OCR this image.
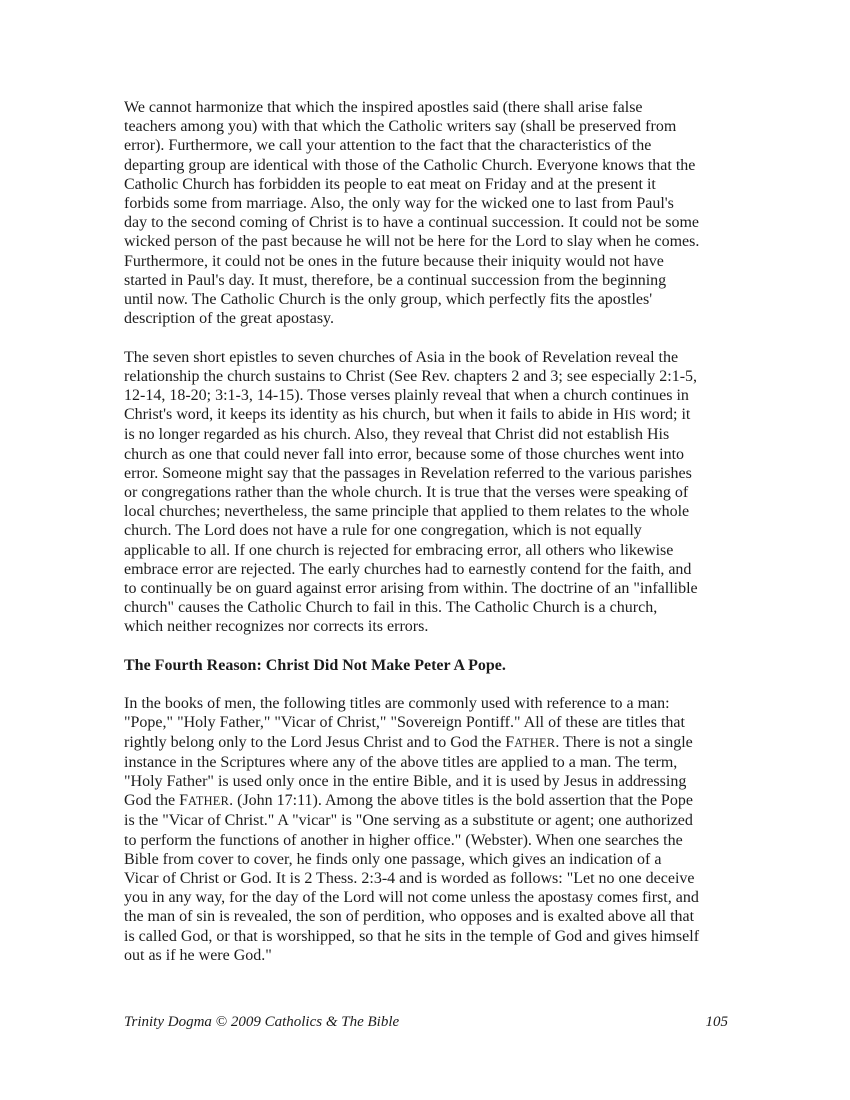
We cannot harmonize that which the inspired apostles said (there shall arise false
teachers among you) with that which the Catholic writers say (shall be preserved from
error). Furthermore, we call your attention to the fact that the characteristics of the
departing group are identical with those of the Catholic Church. Everyone knows that the
Catholic Church has forbidden its people to eat meat on Friday and at the present it
forbids some from marriage. Also, the only way for the wicked one to last from Paul's
day to the second coming of Christ is to have a continual succession. It could not be some
wicked person of the past because he will not be here for the Lord to slay when he comes.
Furthermore, it could not be ones in the future because their iniquity would not have
started in Paul's day. It must, therefore, be a continual succession from the beginning
until now. The Catholic Church is the only group, which perfectly fits the apostles'
description of the great apostasy.

The seven short epistles to seven churches of Asia in the book of Revelation reveal the
relationship the church sustains to Christ (See Rev. chapters 2 and 3; see especially 2:1-5,
12-14, 18-20; 3:1-3, 14-15). Those verses plainly reveal that when a church continues in
Christ's word, it keeps its identity as his church, but when it fails to abide in HIS word; it
is no longer regarded as his church. Also, they reveal that Christ did not establish His
church as one that could never fall into error, because some of those churches went into
error. Someone might say that the passages in Revelation referred to the various parishes
or congregations rather than the whole church. It is true that the verses were speaking of
local churches; nevertheless, the same principle that applied to them relates to the whole
church. The Lord does not have a rule for one congregation, which is not equally
applicable to all. If one church is rejected for embracing error, all others who likewise
embrace error are rejected. The early churches had to earnestly contend for the faith, and
to continually be on guard against error arising from within. The doctrine of an "infallible
church" causes the Catholic Church to fail in this. The Catholic Church is a church,
which neither recognizes nor corrects its errors.

The Fourth Reason: Christ Did Not Make Peter A Pope.

In the books of men, the following titles are commonly used with reference to a man:
"Pope," "Holy Father," "Vicar of Christ," "Sovereign Pontiff." All of these are titles that
rightly belong only to the Lord Jesus Christ and to God the FATHER. There is not a single
instance in the Scriptures where any of the above titles are applied to a man. The term,
"Holy Father" is used only once in the entire Bible, and it is used by Jesus in addressing
God the FATHER. (John 17:11). Among the above titles is the bold assertion that the Pope
is the "Vicar of Christ." A "vicar" is "One serving as a substitute or agent; one authorized
to perform the functions of another in higher office." (Webster). When one searches the
Bible from cover to cover, he finds only one passage, which gives an indication of a
Vicar of Christ or God. It is 2 Thess. 2:3-4 and is worded as follows: "Let no one deceive
you in any way, for the day of the Lord will not come unless the apostasy comes first, and
the man of sin is revealed, the son of perdition, who opposes and is exalted above all that
is called God, or that is worshipped, so that he sits in the temple of God and gives himself
out as if he were God."

Trinity Dogma © 2009 Catholics & The Bible	105
